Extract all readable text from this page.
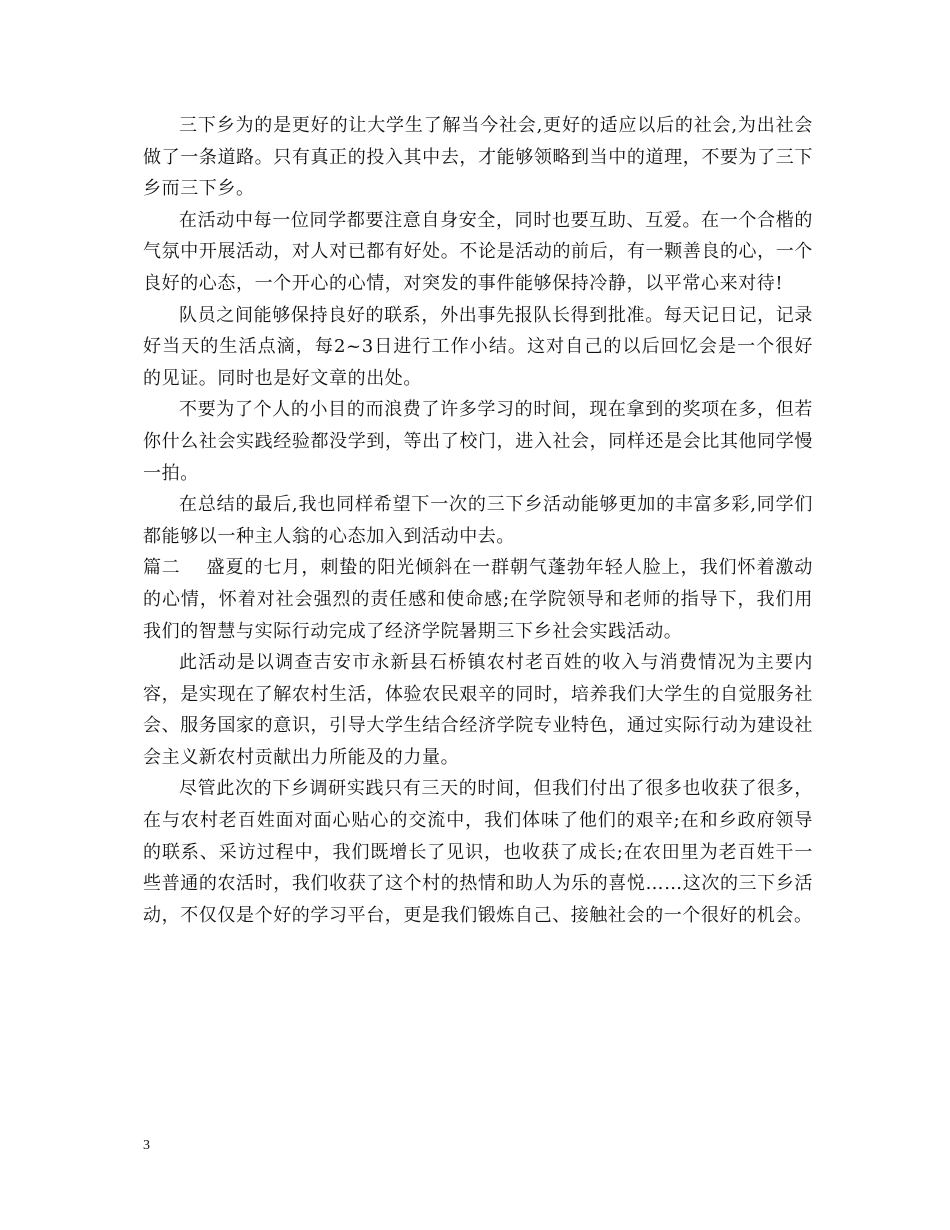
三下乡为的是更好的让大学生了解当今社会,更好的适应以后的社会,为出社会做了一条道路。只有真正的投入其中去，才能够领略到当中的道理，不要为了三下乡而三下乡。

在活动中每一位同学都要注意自身安全，同时也要互助、互爱。在一个合楷的气氛中开展活动，对人对已都有好处。不论是活动的前后，有一颗善良的心，一个良好的心态，一个开心的心情，对突发的事件能够保持冷静，以平常心来对待!

队员之间能够保持良好的联系，外出事先报队长得到批准。每天记日记，记录好当天的生活点滴，每2~3日进行工作小结。这对自己的以后回忆会是一个很好的见证。同时也是好文章的出处。

不要为了个人的小目的而浪费了许多学习的时间，现在拿到的奖项在多，但若你什么社会实践经验都没学到，等出了校门，进入社会，同样还是会比其他同学慢一拍。

在总结的最后,我也同样希望下一次的三下乡活动能够更加的丰富多彩,同学们都能够以一种主人翁的心态加入到活动中去。

篇二 盛夏的七月，刺蛰的阳光倾斜在一群朝气蓬勃年轻人脸上，我们怀着激动的心情，怀着对社会强烈的责任感和使命感;在学院领导和老师的指导下，我们用我们的智慧与实际行动完成了经济学院暑期三下乡社会实践活动。

此活动是以调查吉安市永新县石桥镇农村老百姓的收入与消费情况为主要内容，是实现在了解农村生活，体验农民艰辛的同时，培养我们大学生的自觉服务社会、服务国家的意识，引导大学生结合经济学院专业特色，通过实际行动为建设社会主义新农村贡献出力所能及的力量。

尽管此次的下乡调研实践只有三天的时间，但我们付出了很多也收获了很多，在与农村老百姓面对面心贴心的交流中，我们体味了他们的艰辛;在和乡政府领导的联系、采访过程中，我们既增长了见识，也收获了成长;在农田里为老百姓干一些普通的农活时，我们收获了这个村的热情和助人为乐的喜悦……这次的三下乡活动，不仅仅是个好的学习平台，更是我们锻炼自己、接触社会的一个很好的机会。

3
